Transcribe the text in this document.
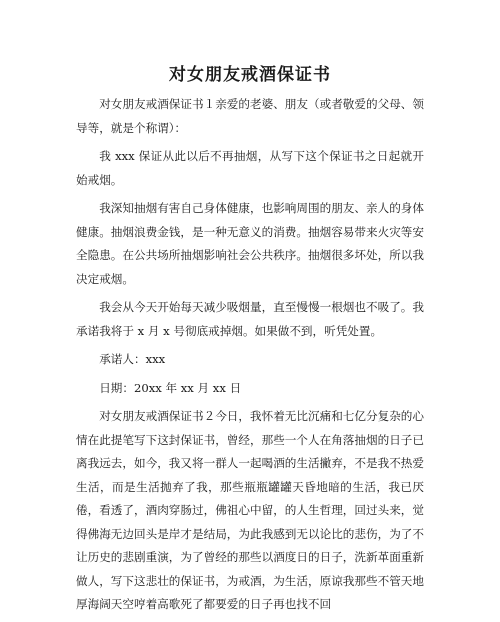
对女朋友戒酒保证书

对女朋友戒酒保证书１亲爱的老婆、朋友（或者敬爱的父母、领导等，就是个称谓）：

我 xxx 保证从此以后不再抽烟，从写下这个保证书之日起就开始戒烟。

我深知抽烟有害自己身体健康，也影响周围的朋友、亲人的身体健康。抽烟浪费金钱，是一种无意义的消费。抽烟容易带来火灾等安全隐患。在公共场所抽烟影响社会公共秩序。抽烟很多坏处，所以我决定戒烟。

我会从今天开始每天减少吸烟量，直至慢慢一根烟也不吸了。我承诺我将于 x 月 x 号彻底戒掉烟。如果做不到，听凭处置。

承诺人：xxx

日期：20xx 年 xx 月 xx 日

对女朋友戒酒保证书２今日，我怀着无比沉痛和七亿分复杂的心情在此提笔写下这封保证书，曾经，那些一个人在角落抽烟的日子已离我远去，如今，我又将一群人一起喝酒的生活撇弃，不是我不热爱生活，而是生活抛弃了我，那些瓶瓶罐罐天昏地暗的生活，我已厌倦，看透了，酒肉穿肠过，佛祖心中留，的人生哲理，回过头来，觉得佛海无边回头是岸才是结局，为此我感到无以论比的悲伤，为了不让历史的悲剧重演，为了曾经的那些以酒度日的日子，洗新革面重新做人，写下这悲壮的保证书，为戒酒，为生活，原谅我那些不管天地厚海阔天空哼着高歌死了都要爱的日子再也找不回
